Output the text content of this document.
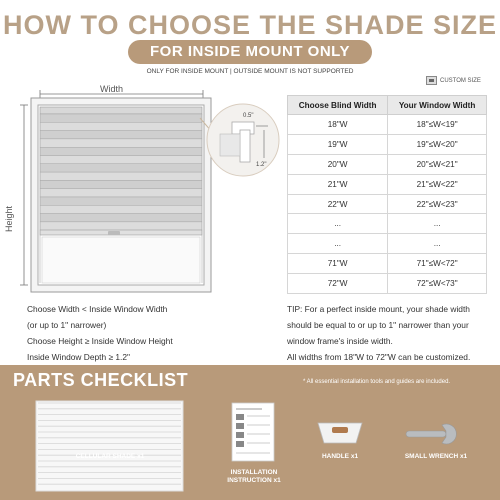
HOW TO CHOOSE THE SHADE SIZE
FOR INSIDE MOUNT ONLY
ONLY FOR INSIDE MOUNT | OUTSIDE MOUNT IS NOT SUPPORTED
CUSTOM SIZE
Width
Height
0.5"
1.2"
Choose Blind Width	Your Window Width
18"W	18"≤W<19"
19"W	19"≤W<20"
20"W	20"≤W<21"
21"W	21"≤W<22"
22"W	22"≤W<23"
...	...
...	...
71"W	71"≤W<72"
72"W	72"≤W<73"
Choose Width < Inside Window Width
(or up to 1" narrower)
Choose Height ≥ Inside Window Height
Inside Window Depth ≥ 1.2"
TIP: For a perfect inside mount, your shade width should be equal to or up to 1" narrower than your window frame's inside width.
All widths from 18"W to 72"W can be customized.
PARTS CHECKLIST	* All essential installation tools and guides are included.
CELLULAR SHADE x1
INSTALLATION
INSTRUCTION x1
HANDLE x1	SMALL WRENCH x1
